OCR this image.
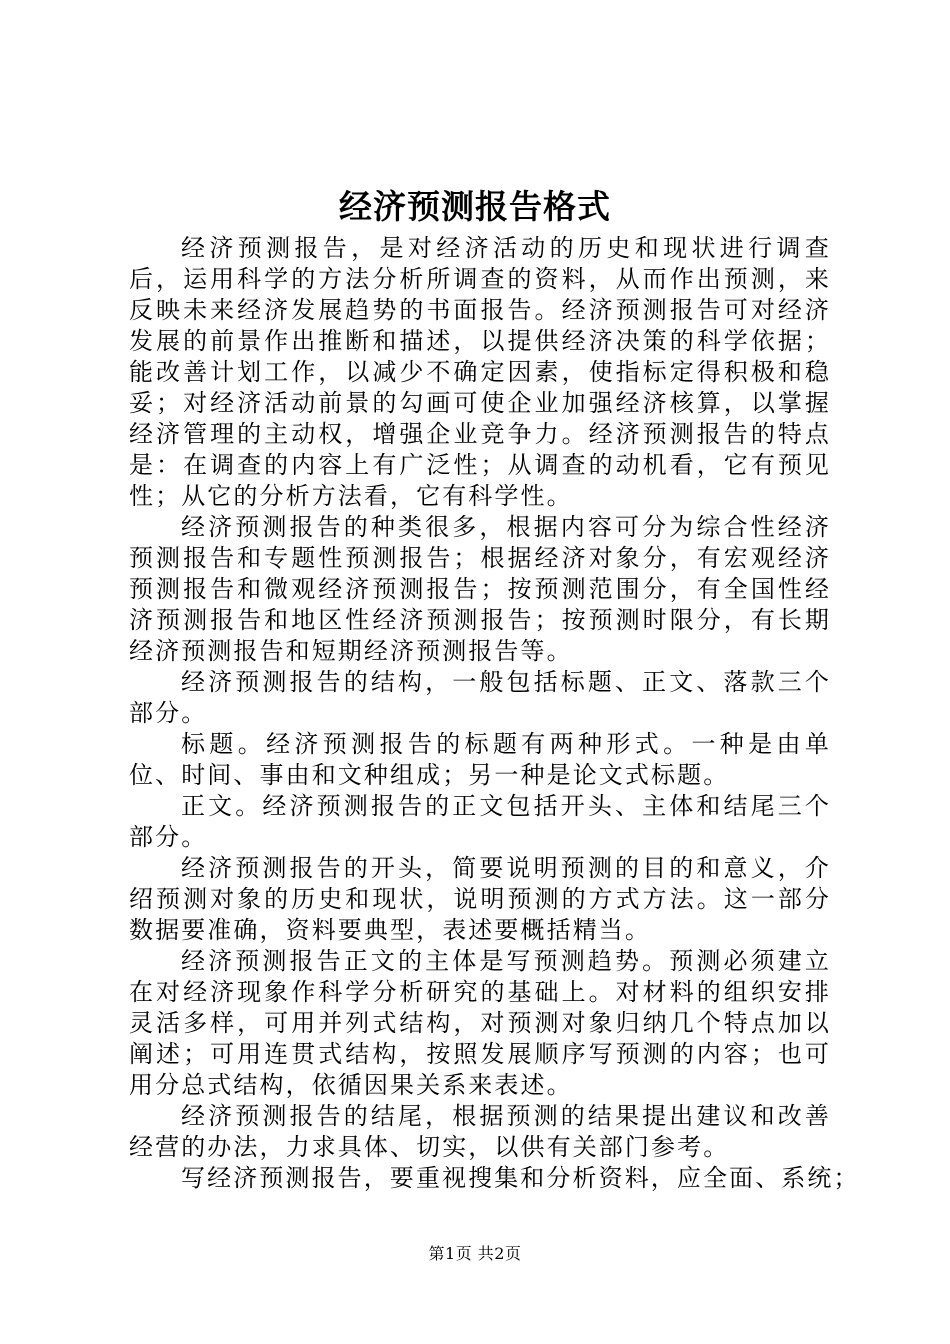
经济预测报告格式

经济预测报告，是对经济活动的历史和现状进行调查后，运用科学的方法分析所调查的资料，从而作出预测，来反映未来经济发展趋势的书面报告。经济预测报告可对经济发展的前景作出推断和描述，以提供经济决策的科学依据；能改善计划工作，以减少不确定因素，使指标定得积极和稳妥；对经济活动前景的勾画可使企业加强经济核算，以掌握经济管理的主动权，增强企业竞争力。经济预测报告的特点是：在调查的内容上有广泛性；从调查的动机看，它有预见性；从它的分析方法看，它有科学性。

经济预测报告的种类很多，根据内容可分为综合性经济预测报告和专题性预测报告；根据经济对象分，有宏观经济预测报告和微观经济预测报告；按预测范围分，有全国性经济预测报告和地区性经济预测报告；按预测时限分，有长期经济预测报告和短期经济预测报告等。

经济预测报告的结构，一般包括标题、正文、落款三个部分。

标题。经济预测报告的标题有两种形式。一种是由单位、时间、事由和文种组成；另一种是论文式标题。

正文。经济预测报告的正文包括开头、主体和结尾三个部分。

经济预测报告的开头，简要说明预测的目的和意义，介绍预测对象的历史和现状，说明预测的方式方法。这一部分数据要准确，资料要典型，表述要概括精当。

经济预测报告正文的主体是写预测趋势。预测必须建立在对经济现象作科学分析研究的基础上。对材料的组织安排灵活多样，可用并列式结构，对预测对象归纳几个特点加以阐述；可用连贯式结构，按照发展顺序写预测的内容；也可用分总式结构，依循因果关系来表述。

经济预测报告的结尾，根据预测的结果提出建议和改善经营的办法，力求具体、切实，以供有关部门参考。

写经济预测报告，要重视搜集和分析资料，应全面、系统；

第1页 共2页
